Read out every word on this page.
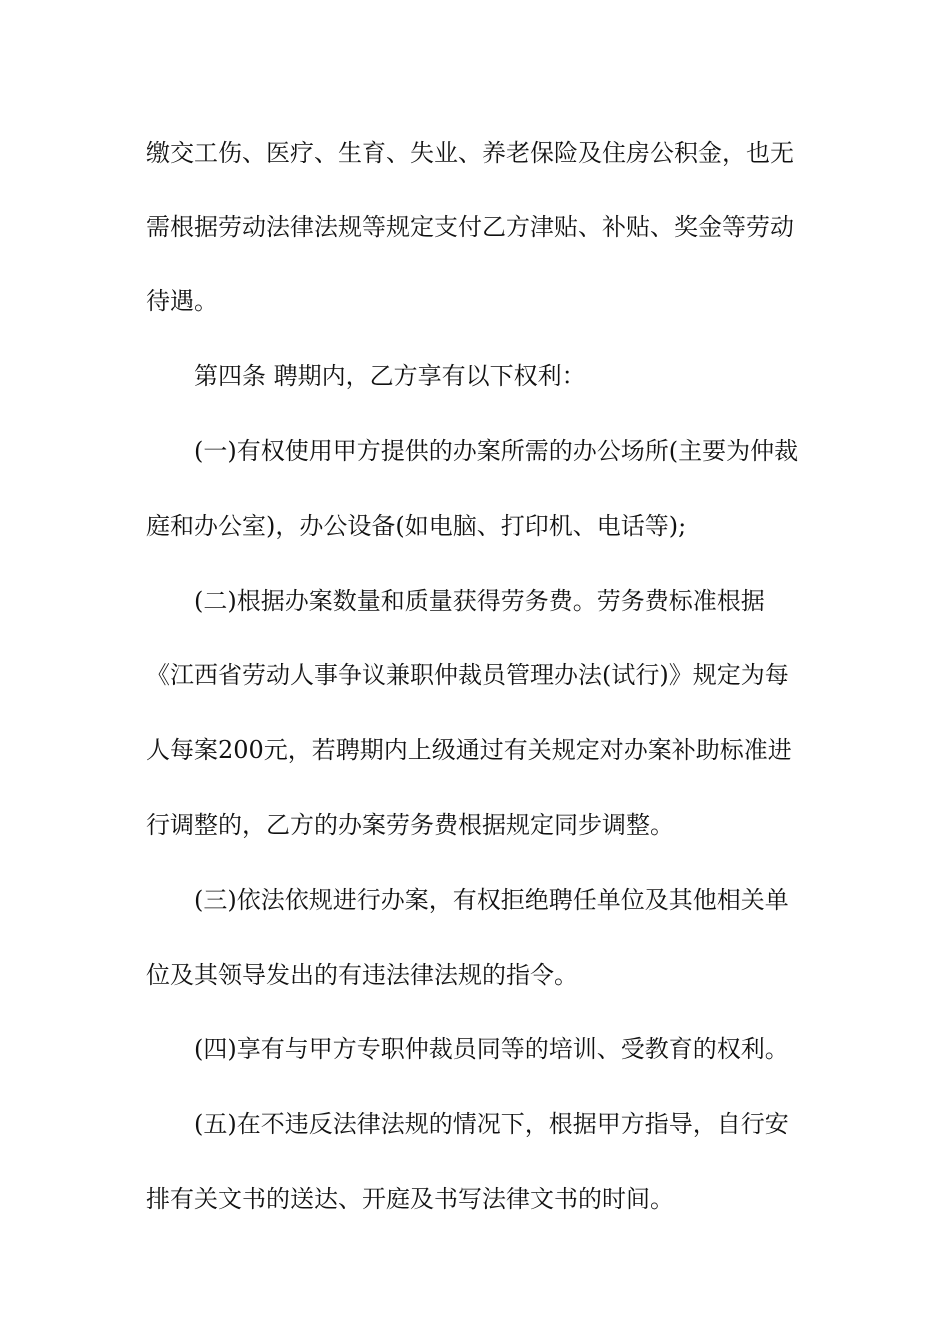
缴交工伤、医疗、生育、失业、养老保险及住房公积金，也无
需根据劳动法律法规等规定支付乙方津贴、补贴、奖金等劳动
待遇。
第四条 聘期内，乙方享有以下权利：
(一)有权使用甲方提供的办案所需的办公场所(主要为仲裁
庭和办公室)，办公设备(如电脑、打印机、电话等);
(二)根据办案数量和质量获得劳务费。劳务费标准根据
《江西省劳动人事争议兼职仲裁员管理办法(试行)》规定为每
人每案200元，若聘期内上级通过有关规定对办案补助标准进
行调整的，乙方的办案劳务费根据规定同步调整。
(三)依法依规进行办案，有权拒绝聘任单位及其他相关单
位及其领导发出的有违法律法规的指令。
(四)享有与甲方专职仲裁员同等的培训、受教育的权利。
(五)在不违反法律法规的情况下，根据甲方指导，自行安
排有关文书的送达、开庭及书写法律文书的时间。
